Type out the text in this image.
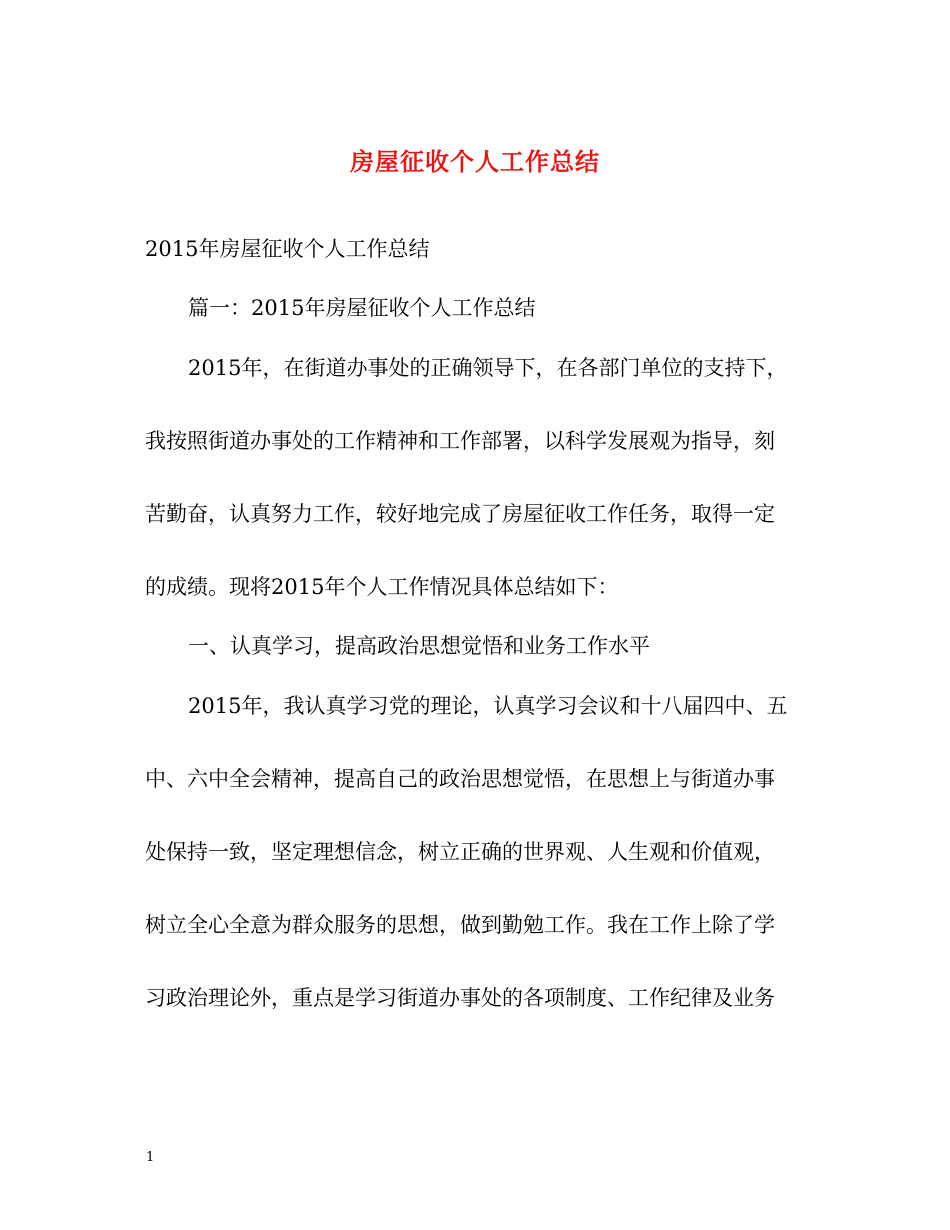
房屋征收个人工作总结
2015年房屋征收个人工作总结
篇一：2015年房屋征收个人工作总结
2015年，在街道办事处的正确领导下，在各部门单位的支持下，
我按照街道办事处的工作精神和工作部署，以科学发展观为指导，刻
苦勤奋，认真努力工作，较好地完成了房屋征收工作任务，取得一定
的成绩。现将2015年个人工作情况具体总结如下：
一、认真学习，提高政治思想觉悟和业务工作水平
2015年，我认真学习党的理论，认真学习会议和十八届四中、五
中、六中全会精神，提高自己的政治思想觉悟，在思想上与街道办事
处保持一致，坚定理想信念，树立正确的世界观、人生观和价值观，
树立全心全意为群众服务的思想，做到勤勉工作。我在工作上除了学
习政治理论外，重点是学习街道办事处的各项制度、工作纪律及业务
1
